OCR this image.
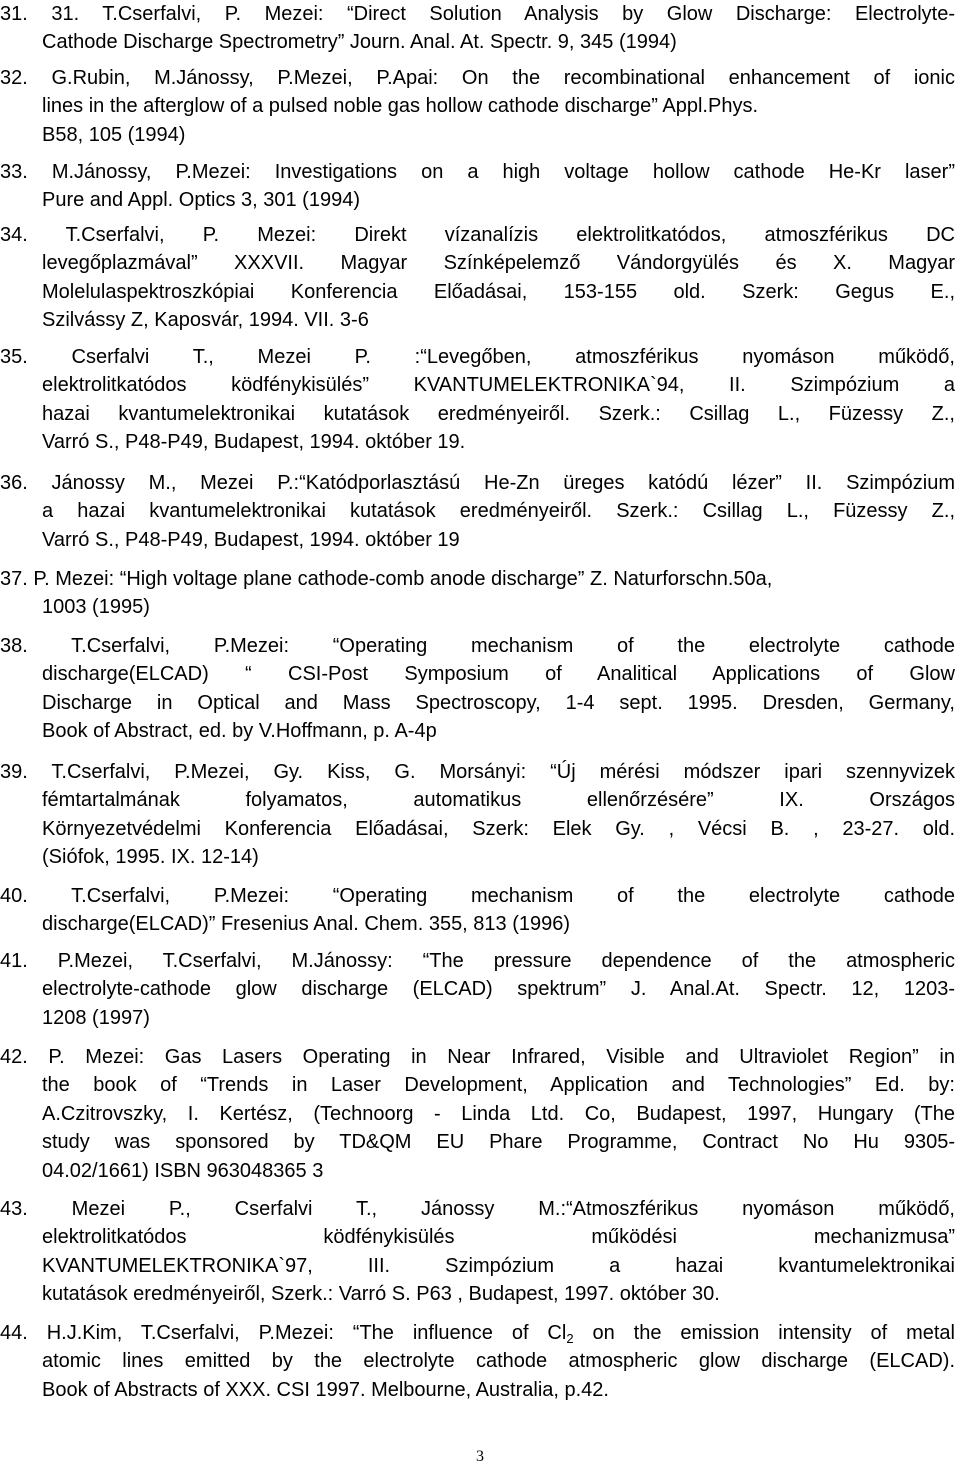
31. 31. T.Cserfalvi, P. Mezei: “Direct Solution Analysis by Glow Discharge: Electrolyte-
Cathode Discharge Spectrometry” Journ. Anal. At. Spectr. 9, 345 (1994)
32. G.Rubin, M.Jánossy, P.Mezei, P.Apai: On the recombinational enhancement of ionic
lines in the afterglow of a pulsed noble gas hollow cathode discharge” Appl.Phys.
B58, 105 (1994)
33. M.Jánossy, P.Mezei: Investigations on a high voltage hollow cathode He-Kr laser”
Pure and Appl. Optics 3, 301 (1994)
34. T.Cserfalvi, P. Mezei: Direkt vízanalízis elektrolitkatódos, atmoszférikus DC
levegőplazmával” XXXVII. Magyar Színképelemző Vándorgyülés és X. Magyar
Molelulaspektroszkópiai Konferencia Előadásai, 153-155 old. Szerk: Gegus E.,
Szilvássy Z, Kaposvár, 1994. VII. 3-6
35. Cserfalvi T., Mezei P. :“Levegőben, atmoszférikus nyomáson működő,
elektrolitkatódos ködfénykisülés” KVANTUMELEKTRONIKA`94, II. Szimpózium a
hazai kvantumelektronikai kutatások eredményeiről. Szerk.: Csillag L., Füzessy Z.,
Varró S., P48-P49, Budapest, 1994. október 19.
36. Jánossy M., Mezei P.:“Katódporlasztású He-Zn üreges katódú lézer” II. Szimpózium
a hazai kvantumelektronikai kutatások eredményeiről. Szerk.: Csillag L., Füzessy Z.,
Varró S., P48-P49, Budapest, 1994. október 19
37. P. Mezei: “High voltage plane cathode-comb anode discharge” Z. Naturforschn.50a,
1003 (1995)
38. T.Cserfalvi, P.Mezei: “Operating mechanism of the electrolyte cathode
discharge(ELCAD) “ CSI-Post Symposium of Analitical Applications of Glow
Discharge in Optical and Mass Spectroscopy, 1-4 sept. 1995. Dresden, Germany,
Book of Abstract, ed. by V.Hoffmann, p. A-4p
39. T.Cserfalvi, P.Mezei, Gy. Kiss, G. Morsányi: “Új mérési módszer ipari szennyvizek
fémtartalmának folyamatos, automatikus ellenőrzésére” IX. Országos
Környezetvédelmi Konferencia Előadásai, Szerk: Elek Gy. , Vécsi B. , 23-27. old.
(Siófok, 1995. IX. 12-14)
40. T.Cserfalvi, P.Mezei: “Operating mechanism of the electrolyte cathode
discharge(ELCAD)” Fresenius Anal. Chem. 355, 813 (1996)
41. P.Mezei, T.Cserfalvi, M.Jánossy: “The pressure dependence of the atmospheric
electrolyte-cathode glow discharge (ELCAD) spektrum” J. Anal.At. Spectr. 12, 1203-
1208 (1997)
42. P. Mezei: Gas Lasers Operating in Near Infrared, Visible and Ultraviolet Region” in
the book of “Trends in Laser Development, Application and Technologies” Ed. by:
A.Czitrovszky, I. Kertész, (Technoorg - Linda Ltd. Co, Budapest, 1997, Hungary (The
study was sponsored by TD&QM EU Phare Programme, Contract No Hu 9305-
04.02/1661) ISBN 963048365 3
43. Mezei P., Cserfalvi T., Jánossy M.:“Atmoszférikus nyomáson működő,
elektrolitkatódos ködfénykisülés működési mechanizmusa”
KVANTUMELEKTRONIKA`97, III. Szimpózium a hazai kvantumelektronikai
kutatások eredményeiről, Szerk.: Varró S. P63 , Budapest, 1997. október 30.
44. H.J.Kim, T.Cserfalvi, P.Mezei: “The influence of $Cl_2$ on the emission intensity of metal
atomic lines emitted by the electrolyte cathode atmospheric glow discharge (ELCAD).
Book of Abstracts of XXX. CSI 1997. Melbourne, Australia, p.42.
3
